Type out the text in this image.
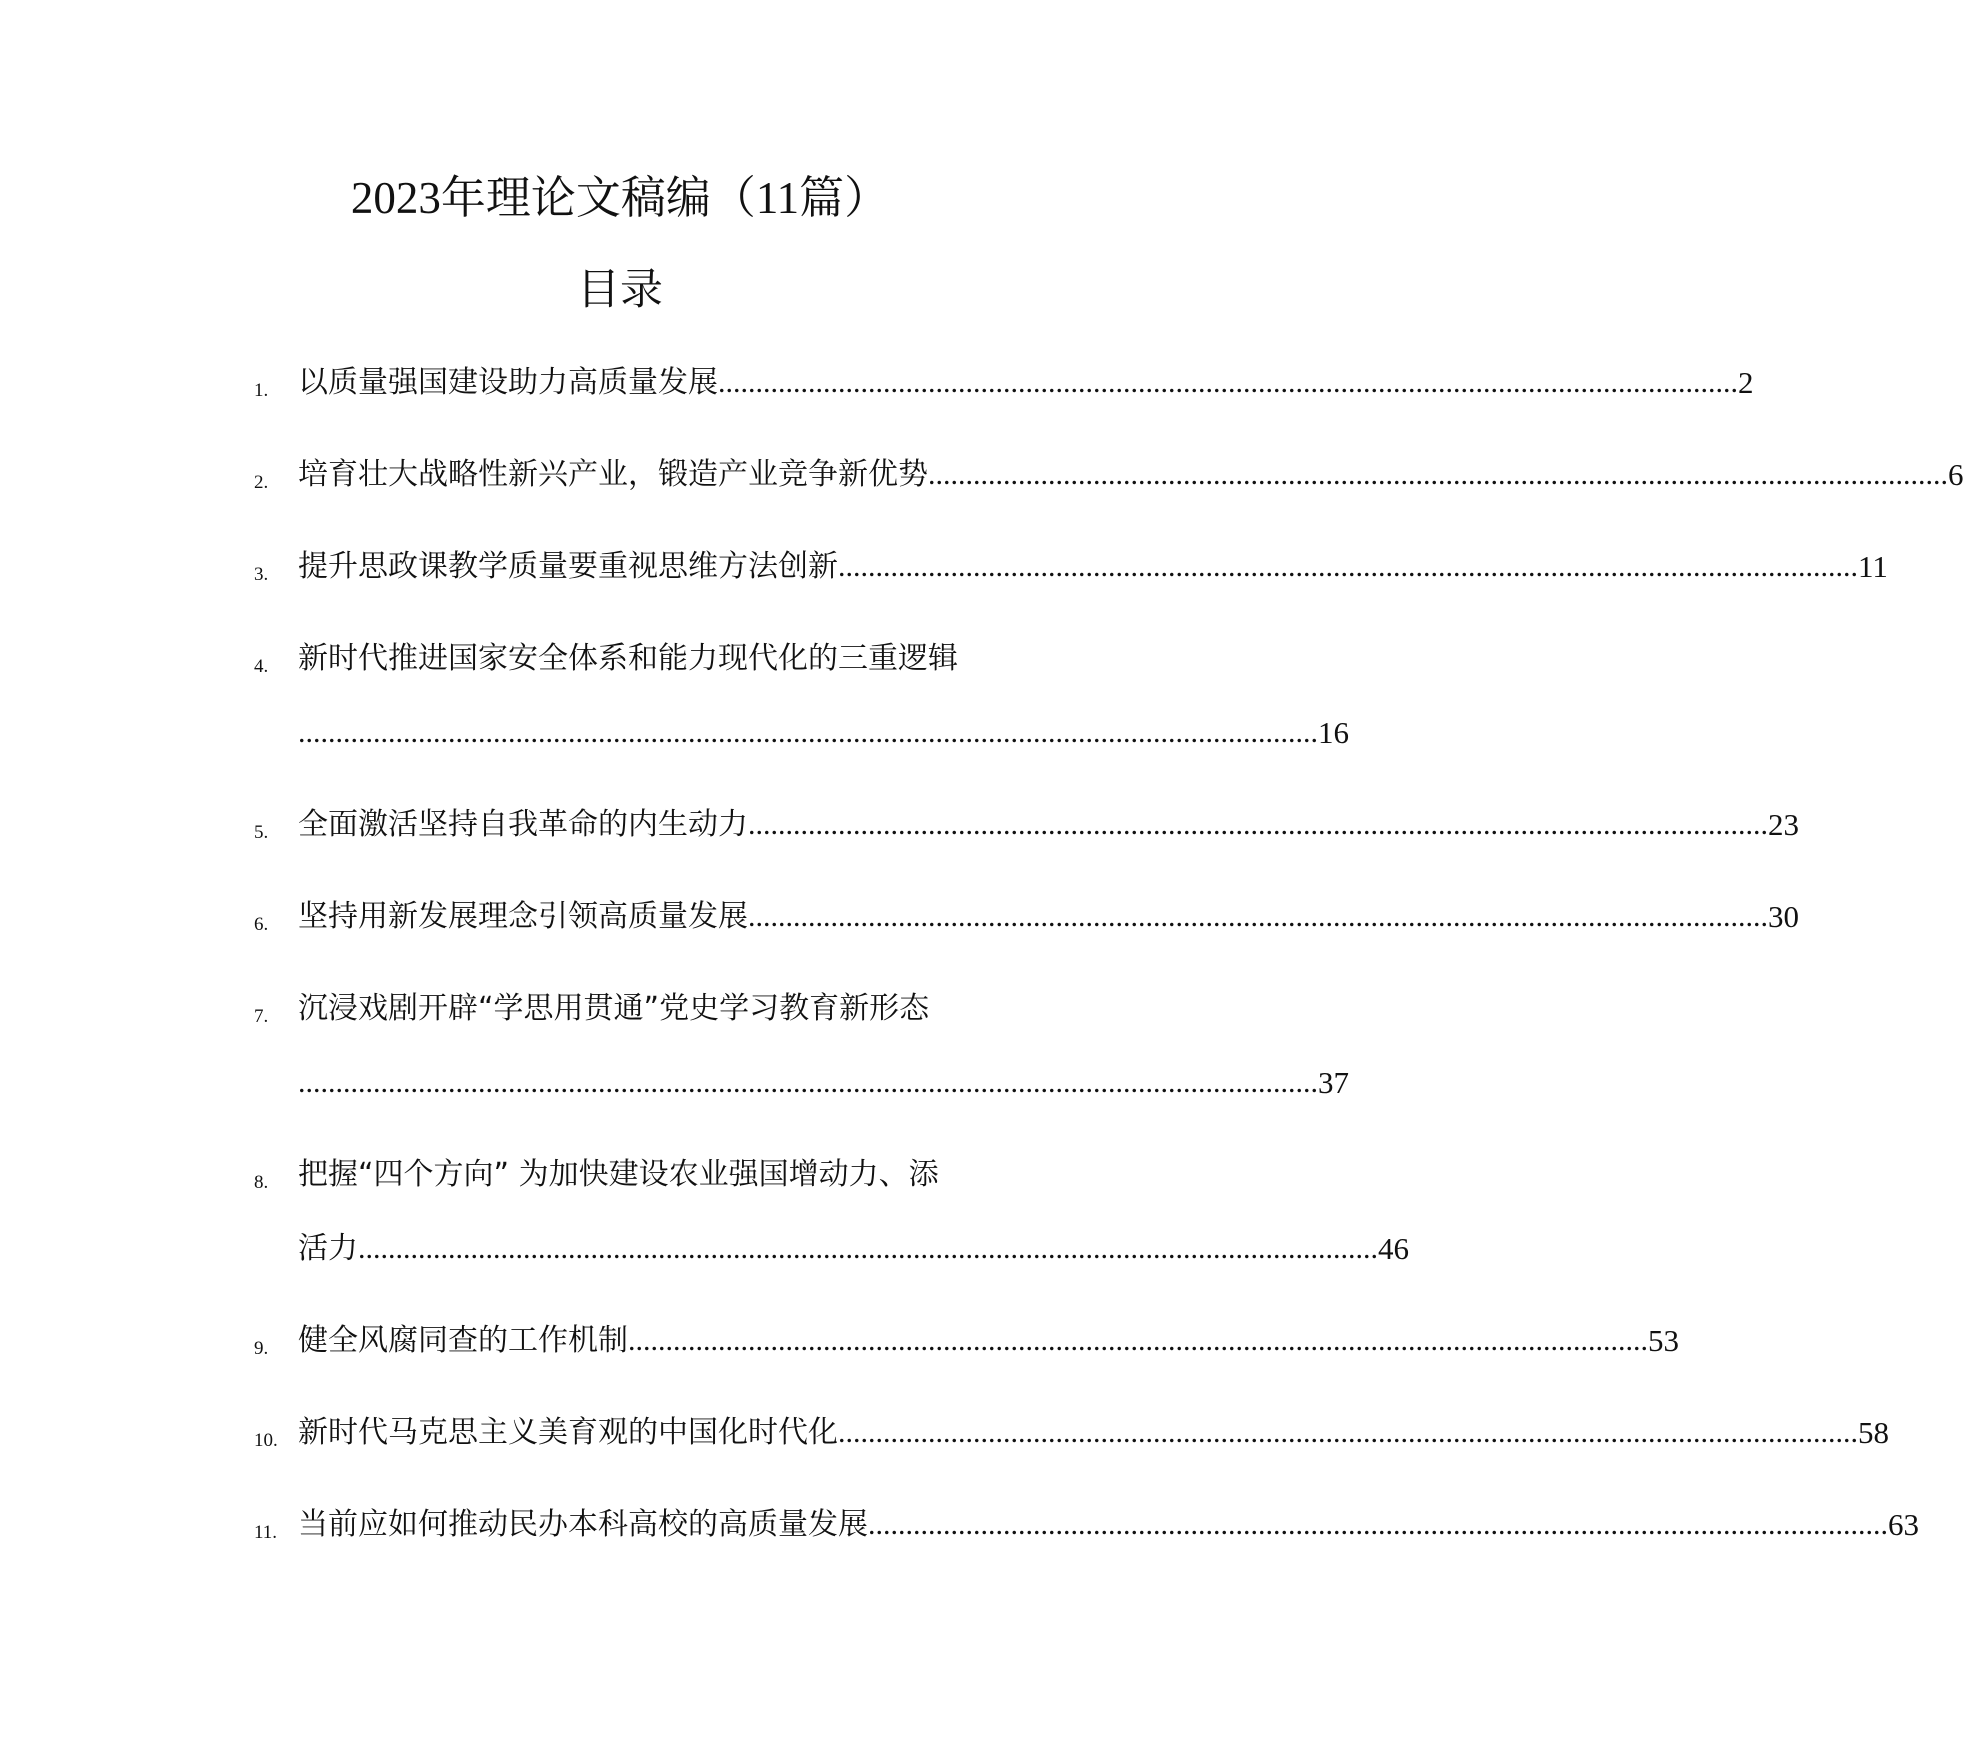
2023年理论文稿编（11篇）
目录
1. 以质量强国建设助力高质量发展 ........................................................................................................................................ 2
2. 培育壮大战略性新兴产业，锻造产业竞争新优势 ........................................................................................................................................ 6
3. 提升思政课教学质量要重视思维方法创新 ........................................................................................................................................ 11
4. 新时代推进国家安全体系和能力现代化的三重逻辑
........................................................................................................................................ 16
5. 全面激活坚持自我革命的内生动力 ........................................................................................................................................ 23
6. 坚持用新发展理念引领高质量发展 ........................................................................................................................................ 30
7. 沉浸戏剧开辟“学思用贯通”党史学习教育新形态
........................................................................................................................................ 37
8. 把握“四个方向” 为加快建设农业强国增动力、添
活力 ........................................................................................................................................ 46
9. 健全风腐同查的工作机制 ........................................................................................................................................ 53
10. 新时代马克思主义美育观的中国化时代化 ........................................................................................................................................ 58
11. 当前应如何推动民办本科高校的高质量发展 ........................................................................................................................................ 63
